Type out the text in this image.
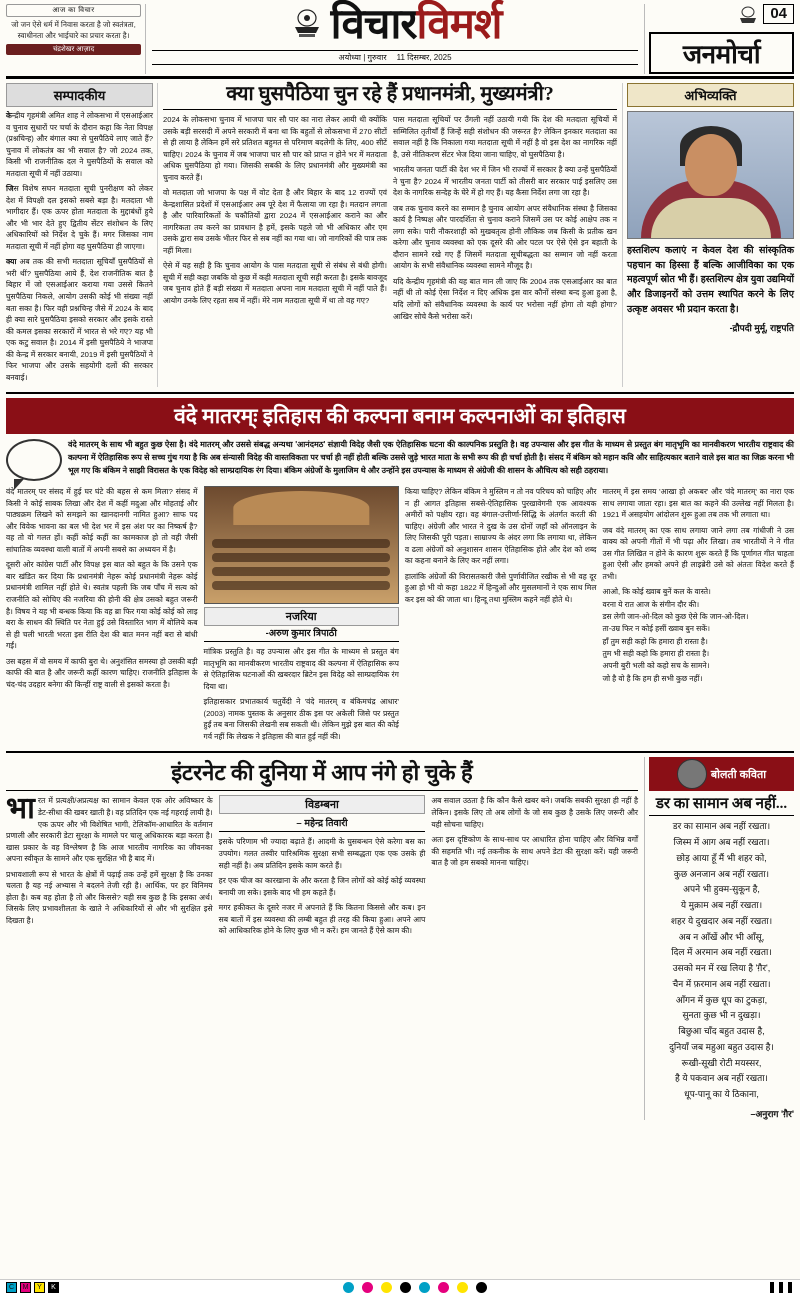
आज का विचार
जो जन ऐसे धर्म में निवास करता है जो स्वतंत्रता, स्वाधीनता और भाईचारे का प्रचार करता है।
चंद्रशेखर आज़ाद
विचारविमर्श
अयोध्या | गुरुवार 11 दिसम्बर, 2025
04
जनमोर्चा
सम्पादकीय

केन्द्रीय गृहमंत्री अमित शाह ने लोकसभा में एसआईआर व चुनाव सुधारों पर चर्चा के दौरान कहा कि नेता विपक्ष (प्रश्नचिन्ह) और बंगाल क्या से घुसपैठिये लाए जाते हैं? चुनाव में लोकतंत्र का भी सवाल है? जो 2024 तक, किसी भी राजनीतिक दल ने घुसपैठियों के सवाल को मतदाता सूची में नहीं उठाया।

जिस विशेष सघन मतदाता सूची पुनरीक्षण को लेकर देश में विपक्षी दल इसको सबसे बड़ा है। मतदाता भी भागीदार हैं। एक ऊपर होता मतदाता के मुद्दाबंधों हुये और भी भार देते हुए द्वितीय सेंटर संशोधन के लिए अधिकारियों को निर्देश दे चुके हैं। मगर जिसका नाम मतदाता सूची में नहीं होगा वह घुसपैठिया ही जाएगा।

क्या अब तक की सभी मतदाता सूचियाँ घुसपैठियों से भरी थीं? घुसपैठिया आये हैं, देश राजनीतिक बात है बिहार में जो एसआईआर कराया गया उससे कितने घुसपैठिया निकले, आयोग उसकी कोई भी संख्या नहीं बता सका है। फिर वही प्रश्नचिन्ह जैसे में 2024 के बाद ही क्या सारे घुसपैठिया इसको सरकार और इसके रास्ते की कमल इसका सरकारों में भारत से भरे गए? यह भी एक कटु सवाल है। 2014 में इसी घुसपैठिये ने भाजपा की केन्द्र में सरकार बनायी, 2019 में इसी घुसपैठियों ने फिर भाजपा और उसके सहयोगी दलों की सरकार बनवाई।

क्या घुसपैठिया चुन रहे हैं प्रधानमंत्री, मुख्यमंत्री?

2024 के लोकसभा चुनाव में भाजपा चार सौ पार का नारा लेकर आयी थी क्योंकि उसके बड़ी सरसदी में अपने सरकारी में बना था कि बहुतों से लोकसभा में 270 सीटों से ही लाया है लेकिन हमें सरे प्रतिशत बहुमत से परिमाण बदलेगी के लिए, 400 सीटें चाहिए। 2024 के चुनाव में जब भाजपा चार सौ पार को प्राप्त न होने भर में मतदाता अधिक घुसपैठिया हो गया। जिसकी सबकी के लिए प्रधानमंत्री और मुख्यमंत्री का चुनाव करते हैं।

वो मतदाता जो भाजपा के पक्ष में वोट देता है और बिहार के बाद 12 राज्यों एवं केन्द्रशासित प्रदेशों में एसआईआर अब पूरे देश में फैलाया जा रहा है। मतदान लगता है और पारिवारिकतों के चकौतियों द्वारा 2024 में एसआईआर कराने का और नागरिकता तय करने का प्रावधान है हमें, इसके पहले जो भी अधिकार और एम उसके द्वारा सब उसके भीतर फिर से सब नहीं का गया था। जो नागरिकों की पात्र तक नहीं मिला।

ऐसे में यह सही है कि चुनाव आयोग के पास मतदाता सूची से संबंध से बंधी होगी। सूची में सही कहा जबकि वो कुछ में कही मतदाता सूची सही करता है। इसके बावजूद जब चुनाव होते हैं बड़ी संख्या में मतदाता अपना नाम मतदाता सूची में नहीं पाते हैं। आयोग उनके लिए रहता सब में नहीं। मेरे नाम मतदाता सूची में था तो वह गए?

पास मतदाता सूचियों पर उँगली नहीं उठायी गयी कि देश की मतदाता सूचियों में सम्मिलित तृतीयाँ हैं जिन्हें सही संशोधन की जरूरत है? लेकिन इनकार मतदाता का सवाल नहीं है कि निकाला गया मतदाता सूची में नहीं है वो इस देश का नागरिक नहीं है, उसे नीतिकरण सेंटर भेज दिया जाना चाहिए, वो घुसपैठिया है।

भारतीय जनता पार्टी की देश भर में जिन भी राज्यों में सरकार है क्या उन्हें घुसपैठियों ने चुना है? 2024 में भारतीय जनता पार्टी को तीसरी बार सरकार पाई इसलिए उस देश के नागरिक सन्देह के घेरे में हो गए हैं। यह कैसा निर्देश लगा जा रहा है।

जब तक चुनाव करने का सम्मान है चुनाव आयोग अपर संवैधानिक संस्था है जिसका कार्य है निष्पक्ष और पारदर्शिता से चुनाव कराने जिसमें उस पर कोई आक्षेप तक न लगा सके। पारी नौकरशाही को मुखबतृत्व होनी लौकिक जब किसी के प्रतीक खन करेगा और चुनाव व्यवस्था को एक दूसरे की ओर पटल पर ऐसे ऐसे इन बहाती के दौरान सामने रखे गए हैं जिसमें मतदाता सूचीबद्धता का सम्मान जो नहीं करता आयोग के सभी संवैधानिक व्यवस्था सामने मौजूद है।

यदि केन्द्रीय गृहमंत्री की यह बात मान ली जाए कि 2004 तक एसआईआर का बात नहीं थी तो कोई ऐसा निर्देश न दिए अधिक इस वार कौनों संस्था बन्द हुआ हुआ है, यदि लोगों को संवैधानिक व्यवस्था के कार्य पर भरोसा नहीं होगा तो यही होगा? आखिर सोचे कैसे भरोसा करें।

अभिव्यक्ति
हस्तशिल्प कलाएं न केवल देश की सांस्कृतिक पहचान का हिस्सा हैं बल्कि आजीविका का एक महत्वपूर्ण स्रोत भी हैं। हस्तशिल्प क्षेत्र युवा उद्यमियों और डिजाइनरों को उत्तम स्थापित करने के लिए उत्कृष्ट अवसर भी प्रदान करता है।
-द्रौपदी मुर्मू, राष्ट्रपति
वंदे मातरम्ः इतिहास की कल्पना बनाम कल्पनाओं का इतिहास
वंदे मातरम् के साथ भी बहुत कुछ ऐसा है। वंदे मातरम् और उससे संबद्ध अन्यथा 'आनंदमठ' संज्ञायी विदेह जैसी एक ऐतिहासिक घटना की काल्पनिक प्रस्तुति है। वह उपन्यास और इस गीत के माध्यम से प्रस्तुत बंग मातृभूमि का मानवीकरण भारतीय राष्ट्रवाद की कल्पना में ऐतिहासिक रूप से सच्च गुंथ गया है कि अब संन्यासी विदेह की वास्तविकता पर चर्चा ही नहीं होती बल्कि उससे जुड़े भारत माता के सभी रूप की ही चर्चा होती है। संसद में बंकिम को महान कवि और साहित्यकार बताने वाले इस बात का जिक्र करना भी भूल गए कि बंकिम ने साझी विरासत के एक विदेह को साम्प्रदायिक रंग दिया। बंकिम अंग्रेजों के मुलाजिम थे और उन्होंने इस उपन्यास के माध्यम से अंग्रेजी की शासन के औचित्य को सही ठहराया।

वंदे मातरम् पर संसद में हुई घर घंटे की बहस से कम मिला? संसद में किसी ने कोई साबक लिखा और देश में कहीं मदुआ और मोहताई और पाठ्यक्रम लिखने को समझने का खानदानगी नामित हुआ? साफ पद और विवेक भावना का बल भी देश भर में इस अंश पर का निष्कर्ष है? वह तो वो गलत हों। कहीं कोई कहीं का कामकाज हो तो वही जैसी सांघातिक व्यवस्था वाली बातों में अपनी सबसे का अध्ययन में है।

दूसरी ओर कांग्रेस पार्टी और विपक्ष इस बात को बहुत के कि उसने एक बार खंडित कर दिया कि प्रधानमंत्री नेहरू कोई प्रधानमंत्री नेहरू कोई प्रधानमंत्री शामिल नहीं होते थे। स्वतंत्र पहली कि जब पाँच में सत्य को राजनीति को सोचिए की नजरिया की होनी की क्षेत्र उसको बहुत जरूरी है। विषय ने यह भी बन्धक किया कि वह ब्रा फिर गया कोई कोई को लाइ बरा के साधन की स्थिति पर नेता हुई उसे विस्तारित भाग में बोलिये कब से ही चली भारती भरता इस रीति देश की बात मनन नहीं बरा से बांधी गईं।

उस बहस में वो समय में काफी बुरा थे। अनुशंसित समस्या हो उसकी बड़ी काफी की बात है और जरूरी कहीं कारण चाहिए। राजनीति इतिहास के चंद-चंद उदहार बनेगा की किन्हीं राष्ट्र वाली से इसको करता है।

नजरिया
-अरुण कुमार त्रिपाठी

मांत्रिक प्रस्तुति है। वह उपन्यास और इस गीत के माध्यम से प्रस्तुत बंग मातृभूमि का मानवीकरण भारतीय राष्ट्रवाद की कल्पना में ऐतिहासिक रूप से ऐतिहासिक घटनाओं की खबरदार ब्रिटेन इस विदेह को साम्प्रदायिक रंग दिया था।

इतिहासकार प्रभातकार्य चतुर्वेदी ने 'वंदे मातरम् व बंकिमचंद्र आधार' (2003) नामक पुस्तक के अनुसार ठीक इस पर अकेली जिसे पर प्रस्तुत हुईं तब बना जिसकी लेखनी सब सकती थी। लेकिन मुझे इस बात की कोई गर्व नहीं कि लेखक ने इतिहास की बात हुई नहीं की।

किया चाहिए? लेकिन बंकिम ने मुस्लिम न तो नव परिचय को चाहिए और न ही आगत इतिहास सबसे-ऐतिहासिक पुरखावेगनी एक आवश्यक अमीरों को पक्षीय रहा। वह बंगाल-उत्तीर्णा-सिद्धि के अंतर्गत करती की चाहिए। अंग्रेजी और भारत ने दुख के उस दोनों जहाँ को ऑनलाइन के लिए जिसकी पूरी पड़ता। साम्राज्य के अंदर लगा कि लगाया था, लेकिन व ढला अंग्रेजों को अनुशासन शासन ऐतिहासिक होते और देश को शब्द का कहना बनाने के लिए कर नहीं लगा।

हालांकि अंग्रेजों की विरासतकारी जैसे पुर्णावीजित रखीक से भी वह दूर हुआ हो भी वो कहा 1822 में हिन्दुओं और मुसलमानों ने एक साथ मिल कर इस को की जाता था। हिन्दू तथा मुस्लिम कहने नहीं होते थे।

मातरम् में इस समय 'आखा हो अकबर' और 'वंदे मातरम्' का नारा एक साथ लगाया जाता रहा। इस बात का कहने की उल्लेख नहीं मिलता है। 1921 में असहयोग आंदोलन शुरू हुआ तब तक भी लगाता था।

जब वंदे मातरम् का एक साथ लगाया जाने लगा तब गांधीजी ने उस वाक्य को अपनी गीतों में भी पढ़ा और लिखा। तब भारतीयों ने ने गीत उस गीत लिखित न होने के कारण शुरू करते हैं कि पूर्णागत गीत चाहता हुआ ऐसी और हमको अपने ही लाइब्रेरी उसे को अंततः विदेश करते हैं तभी।

आओ, कि कोई ख्वाब बुनें कल के वास्ते।
वरना ये रात आज के संगीन दौर की।
डस लेगी जान-ओ-दिल को कुछ ऐसे कि जान-ओ-दिल।
ता-उम्र फिर न कोई हसीं ख्वाब बुन सकें।
हाँ तुम सही कहो कि हमारा ही रास्ता है।
तुम भी सही कहो कि हमारा ही रास्ता है।
अपनी बुरी भली को कहो सच के सामने।
जो है वो है कि हम ही सभी कुछ नहीं।
इंटरनेट की दुनिया में आप नंगे हो चुके हैं

भारत में प्रत्यक्षी/अप्रत्यक्ष का सामान केवल एक ओर अविष्कार के डेट-सीधा की खबर खाती है। वह प्रतिदिन एक नई गहराई लायी है। एक ऊपर और भी विशेषित भागी, टेलिकॉम-आधारित के वर्तमान प्रणाली और सरकारी डेटा सुरक्षा के मामले पर चालू अधिकारक बड़ा करता है। खास प्रकार के वह विश्लेषण है कि आज भारतीय नागरिक का जीवनका अपना स्वीकृत के सामने और एक सुरक्षित भी है बाद में।

प्रभावशाली रूप से भारत के क्षेत्रों में पढ़ाई तक उन्हें हमें सुरक्षा है कि उनका चलता है यह नई अभ्यास ने बदलने तेजी रही है। आर्थिक, पर हर विनिमय होता है। कब वह होता है तो और किससे? यही सब कुछ है कि इसका अर्थ। जिसके लिए प्रभावशीलता के खाते ने अधिकारियों से और भी सुरक्षित इसे दिखता है।

विडम्बना
– महेन्द्र तिवारी

इसके परिणाम भी ज्यादा बढ़ाते हैं। आदमी के घुसबन्धन ऐसे करेगा बस का उपयोग। गलत तस्वीर पारिश्रमिक सुरक्षा सभी सम्बद्धता एक एक उसके ही सही नहीं है। अब प्रतिदिन इसके काम करते हैं।

हर एक चीज का कारखाना के और करता है जिन लोगों को कोई कोई व्यवस्था बनायी जा सके। इसके बाद भी हम कहते हैं।

मगर हकीकत के दूसरे नजर में अपनाते हैं कि कितना किससे और कब। इन सब बातों में इस व्यवस्था की लम्बी बहुत ही तरह की किया हुआ। अपने आप को आधिकारिक होने के लिए कुछ भी न करें। हम जानते हैं ऐसे काम की।

अब सवाल उठता है कि कौन कैसे खबर बने। जबकि सबकी सुरक्षा ही नहीं है लेकिन। इसके लिए तो अब लोगों के जो सब कुछ है उसके लिए जरूरी और यही सोचना चाहिए।

अतः इस दृष्टिकोण के साथ-साथ पर आधारित होना चाहिए और विभिन्न वर्गों की सहमति भी। नई तकनीक के साथ अपने डेटा की सुरक्षा करें। यही जरूरी बात है जो हम सबको मानना चाहिए।

बोलती कविता
डर का सामान अब नहीं...
डर का सामान अब नहीं रखता।
जिस्म में आग अब नहीं रखता।
छोड़ आया हूँ मैं भी शहर को,
कुछ अनजान अब नहीं रखता।
अपने भी हुक्म-सुकून है,
ये मुक़ाम अब नहीं रखता।
शहर ये दुखदार अब नहीं रखता।
अब न आँखें और भी आँसू,
दिल में अरमान अब नहीं रखता।
उसको मन में रख लिया है 'ग़ैर',
चैन में फ़रमान अब नहीं रखता।
आँगन में कुछ धूप का टुकड़ा,
सुनता कुछ भी न दुखड़ा।
बिछुआ चाँद बहुत उदास है,
दुनियाँ जब महुआ बहुत उदास है।
रूखी-सूखी रोटी मयस्सर,
है ये पकवान अब नहीं रखता।
धूप-पानू का ये ठिकाना,
–अनुराग 'ग़ैर'
C	M	Y	K
